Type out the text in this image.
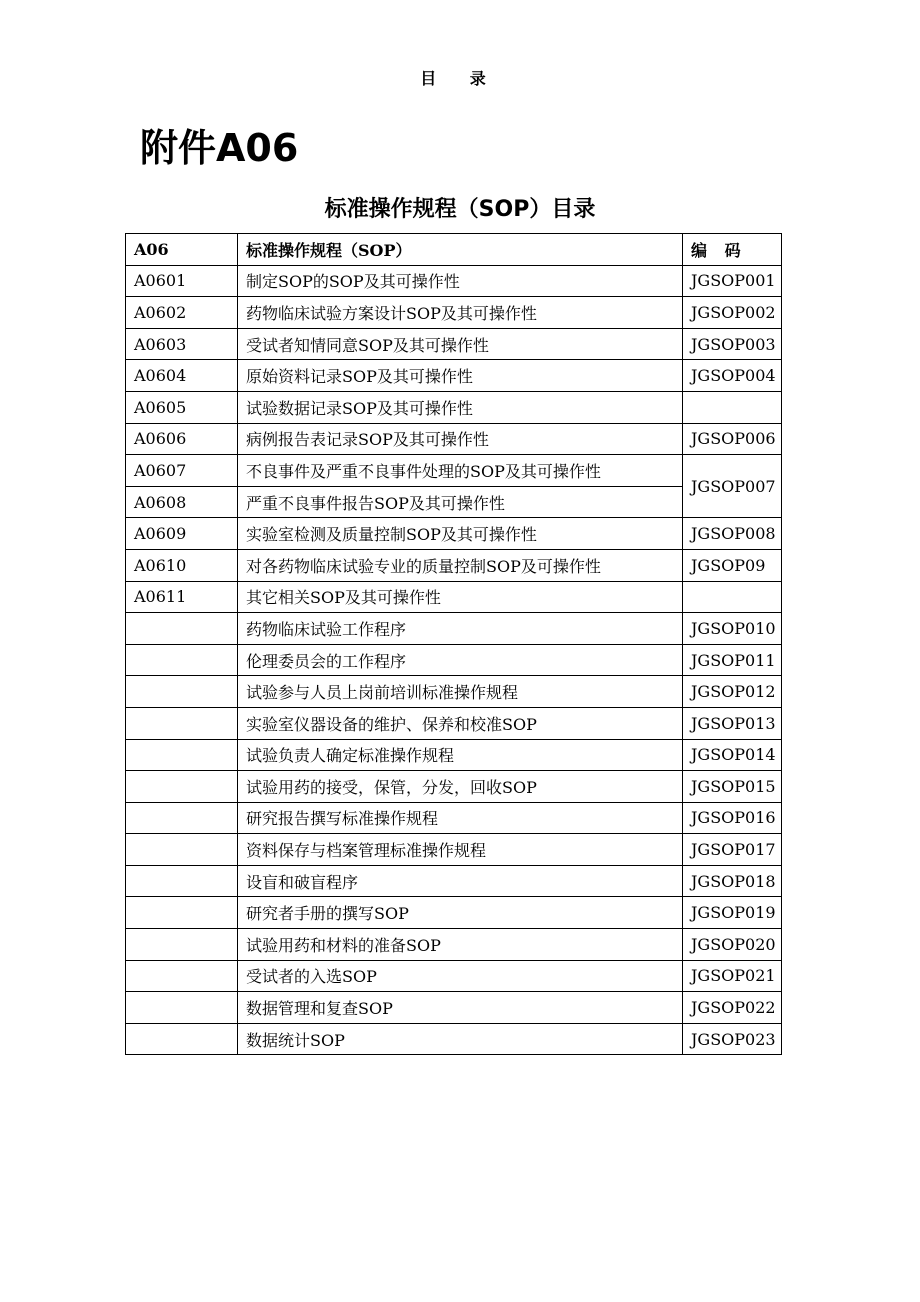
目 录
附件A06
标准操作规程（SOP）目录
A06	标准操作规程（SOP）	编 码
A0601	制定SOP的SOP及其可操作性	JGSOP001
A0602	药物临床试验方案设计SOP及其可操作性	JGSOP002
A0603	受试者知情同意SOP及其可操作性	JGSOP003
A0604	原始资料记录SOP及其可操作性	JGSOP004
A0605	试验数据记录SOP及其可操作性	
A0606	病例报告表记录SOP及其可操作性	JGSOP006
A0607	不良事件及严重不良事件处理的SOP及其可操作性	JGSOP007
A0608	严重不良事件报告SOP及其可操作性	
A0609	实验室检测及质量控制SOP及其可操作性	JGSOP008
A0610	对各药物临床试验专业的质量控制SOP及可操作性	JGSOP09
A0611	其它相关SOP及其可操作性	
	药物临床试验工作程序	JGSOP010
	伦理委员会的工作程序	JGSOP011
	试验参与人员上岗前培训标准操作规程	JGSOP012
	实验室仪器设备的维护、保养和校准SOP	JGSOP013
	试验负责人确定标准操作规程	JGSOP014
	试验用药的接受，保管，分发，回收SOP	JGSOP015
	研究报告撰写标准操作规程	JGSOP016
	资料保存与档案管理标准操作规程	JGSOP017
	设盲和破盲程序	JGSOP018
	研究者手册的撰写SOP	JGSOP019
	试验用药和材料的准备SOP	JGSOP020
	受试者的入选SOP	JGSOP021
	数据管理和复查SOP	JGSOP022
	数据统计SOP	JGSOP023
